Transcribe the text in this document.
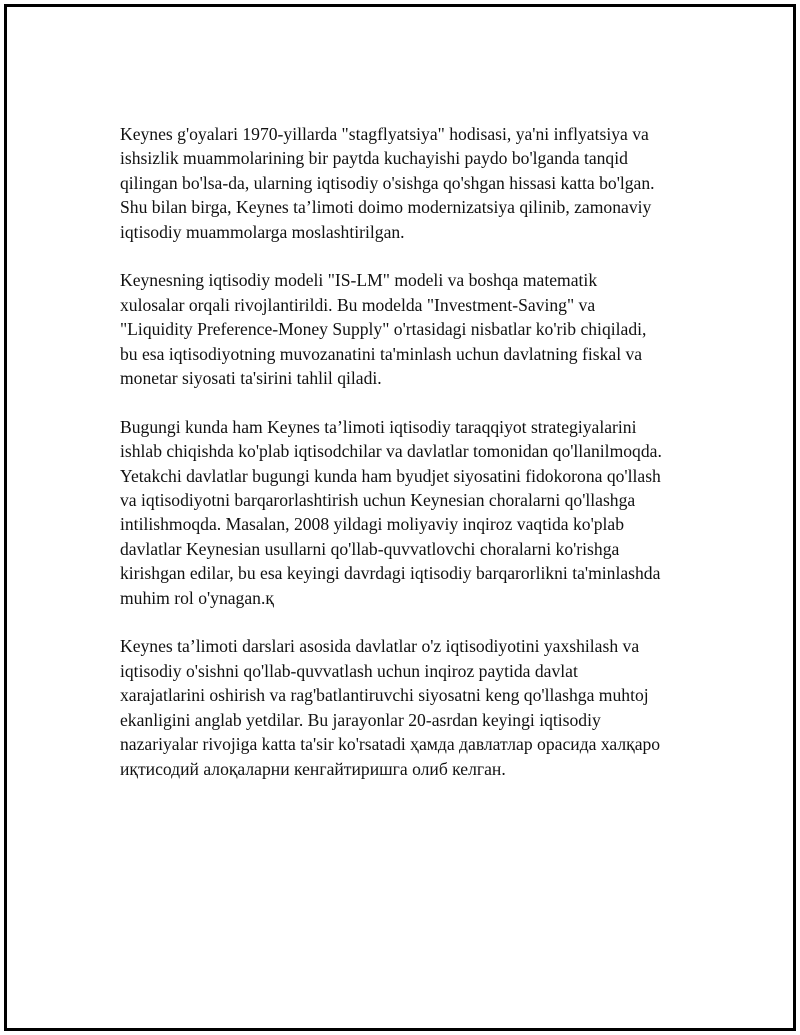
Keynes g'oyalari 1970-yillarda "stagflyatsiya" hodisasi, ya'ni inflyatsiya va
ishsizlik muammolarining bir paytda kuchayishi paydo bo'lganda tanqid
qilingan bo'lsa-da, ularning iqtisodiy o'sishga qo'shgan hissasi katta bo'lgan.
Shu bilan birga, Keynes ta’limoti doimo modernizatsiya qilinib, zamonaviy
iqtisodiy muammolarga moslashtirilgan.

Keynesning iqtisodiy modeli "IS-LM" modeli va boshqa matematik
xulosalar orqali rivojlantirildi. Bu modelda "Investment-Saving" va
"Liquidity Preference-Money Supply" o'rtasidagi nisbatlar ko'rib chiqiladi,
bu esa iqtisodiyotning muvozanatini ta'minlash uchun davlatning fiskal va
monetar siyosati ta'sirini tahlil qiladi.

Bugungi kunda ham Keynes ta’limoti iqtisodiy taraqqiyot strategiyalarini
ishlab chiqishda ko'plab iqtisodchilar va davlatlar tomonidan qo'llanilmoqda.
Yetakchi davlatlar bugungi kunda ham byudjet siyosatini fidokorona qo'llash
va iqtisodiyotni barqarorlashtirish uchun Keynesian choralarni qo'llashga
intilishmoqda. Masalan, 2008 yildagi moliyaviy inqiroz vaqtida ko'plab
davlatlar Keynesian usullarni qo'llab-quvvatlovchi choralarni ko'rishga
kirishgan edilar, bu esa keyingi davrdagi iqtisodiy barqarorlikni ta'minlashda
muhim rol o'ynagan.қ

Keynes ta’limoti darslari asosida davlatlar o'z iqtisodiyotini yaxshilash va
iqtisodiy o'sishni qo'llab-quvvatlash uchun inqiroz paytida davlat
xarajatlarini oshirish va rag'batlantiruvchi siyosatni keng qo'llashga muhtoj
ekanligini anglab yetdilar. Bu jarayonlar 20-asrdan keyingi iqtisodiy
nazariyalar rivojiga katta ta'sir ko'rsatadi ҳамда давлатлар орасида халқаро
иқтисодий алоқаларни кенгайтиришга олиб келган.
